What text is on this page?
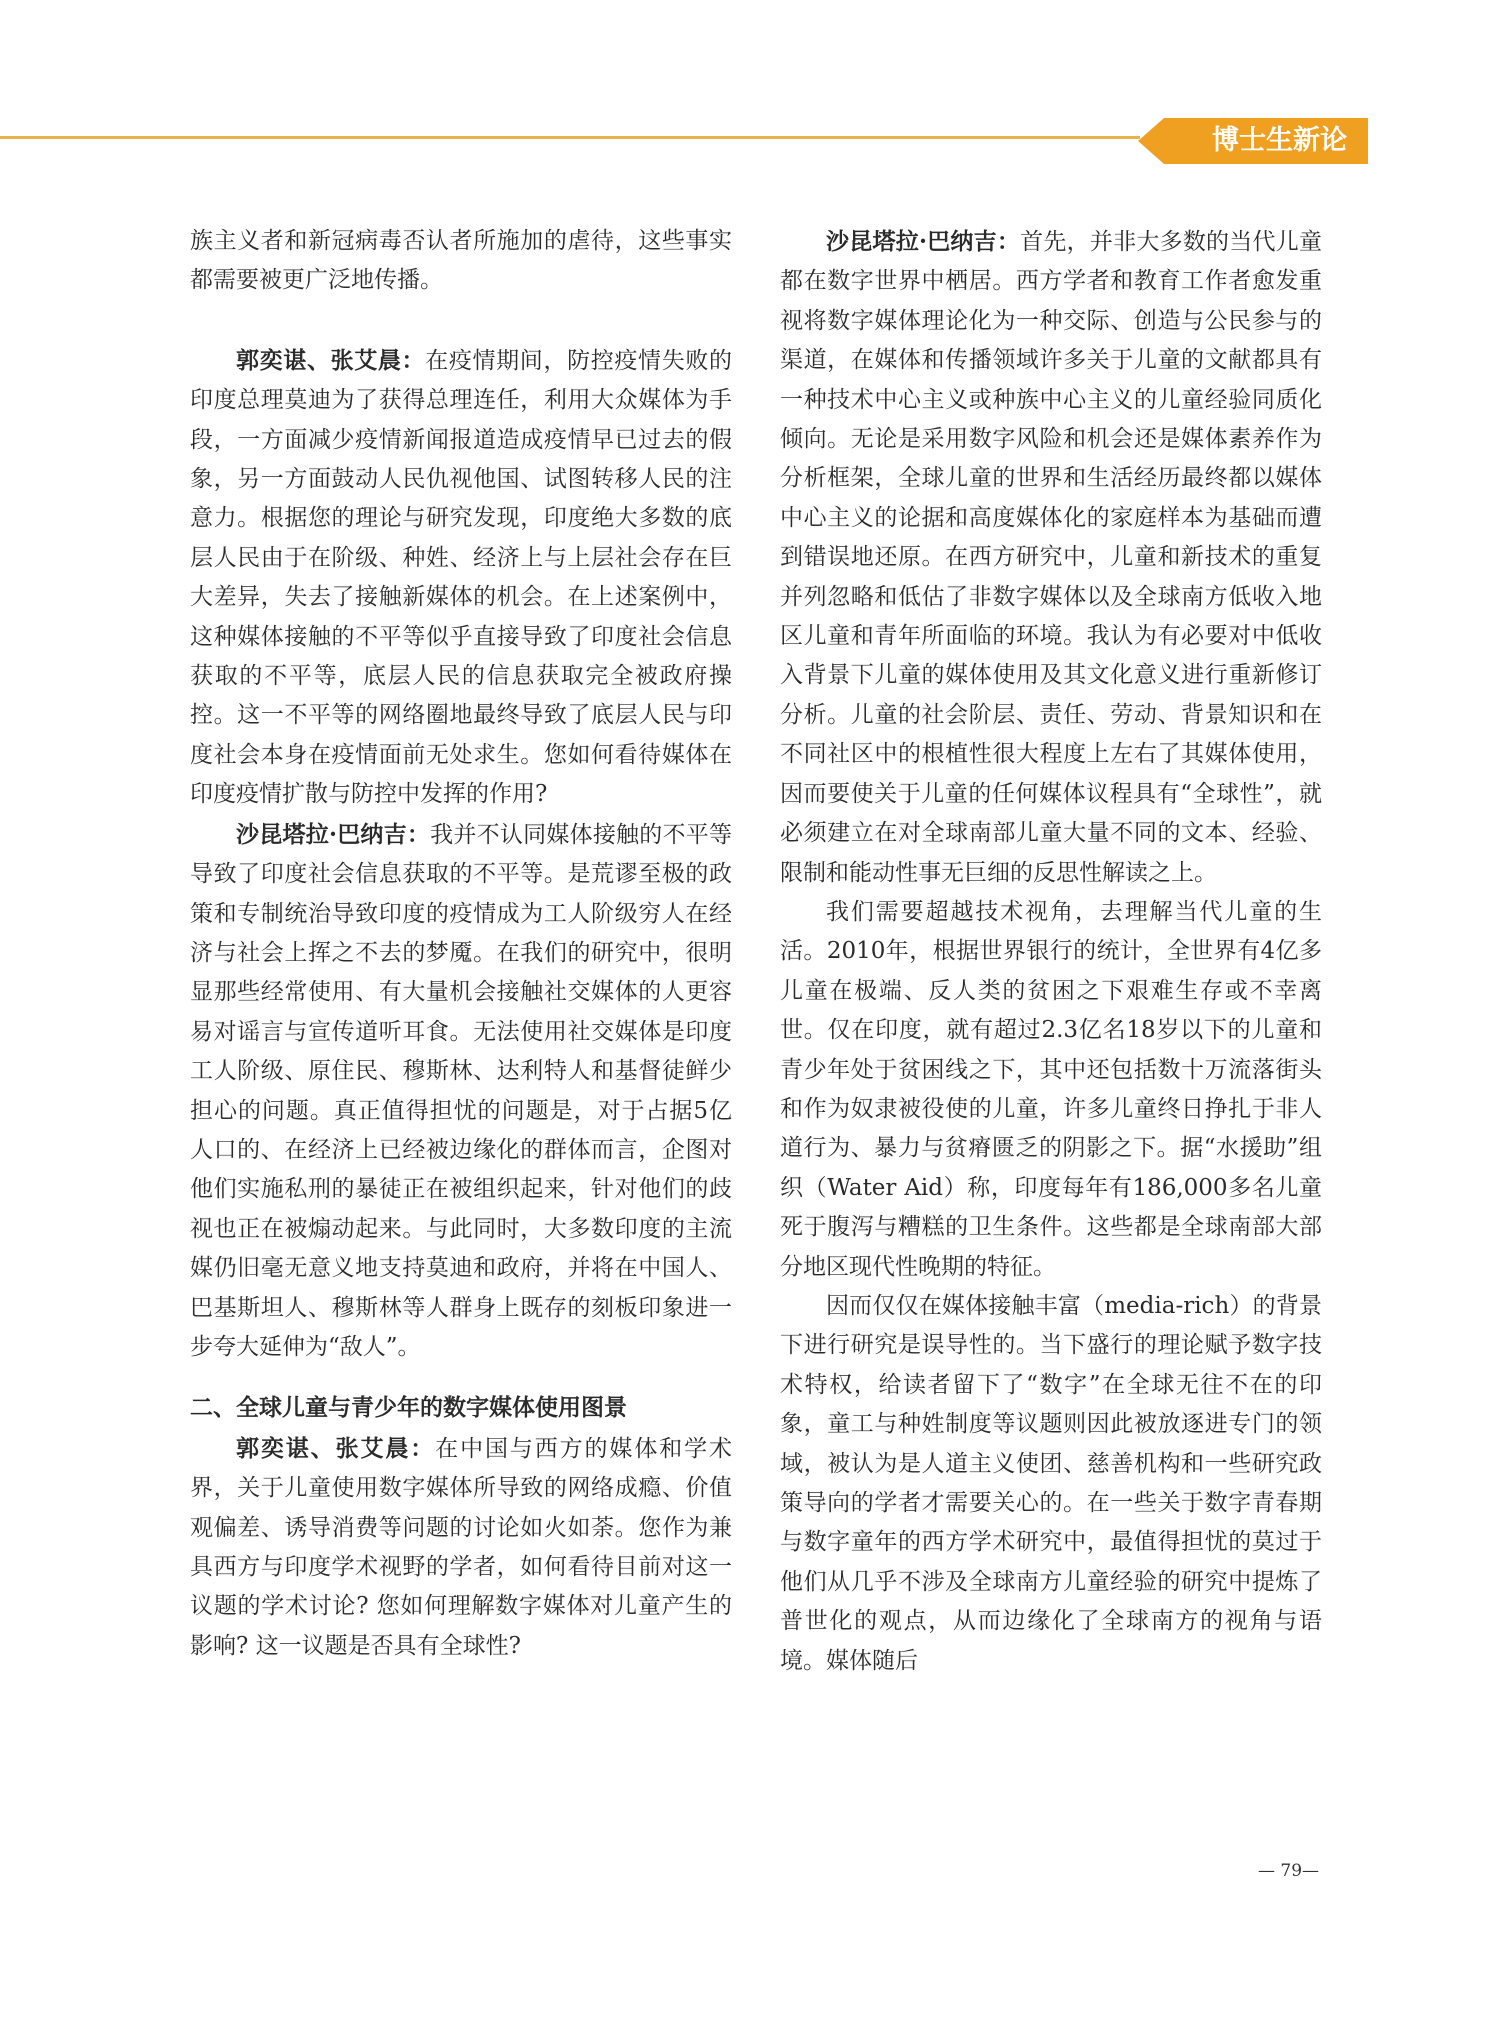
博士生新论

族主义者和新冠病毒否认者所施加的虐待，这些事实都需要被更广泛地传播。

郭奕谌、张艾晨：在疫情期间，防控疫情失败的印度总理莫迪为了获得总理连任，利用大众媒体为手段，一方面减少疫情新闻报道造成疫情早已过去的假象，另一方面鼓动人民仇视他国、试图转移人民的注意力。根据您的理论与研究发现，印度绝大多数的底层人民由于在阶级、种姓、经济上与上层社会存在巨大差异，失去了接触新媒体的机会。在上述案例中，这种媒体接触的不平等似乎直接导致了印度社会信息获取的不平等，底层人民的信息获取完全被政府操控。这一不平等的网络圈地最终导致了底层人民与印度社会本身在疫情面前无处求生。您如何看待媒体在印度疫情扩散与防控中发挥的作用?

沙昆塔拉·巴纳吉：我并不认同媒体接触的不平等导致了印度社会信息获取的不平等。是荒谬至极的政策和专制统治导致印度的疫情成为工人阶级穷人在经济与社会上挥之不去的梦魇。在我们的研究中，很明显那些经常使用、有大量机会接触社交媒体的人更容易对谣言与宣传道听耳食。无法使用社交媒体是印度工人阶级、原住民、穆斯林、达利特人和基督徒鲜少担心的问题。真正值得担忧的问题是，对于占据5亿人口的、在经济上已经被边缘化的群体而言，企图对他们实施私刑的暴徒正在被组织起来，针对他们的歧视也正在被煽动起来。与此同时，大多数印度的主流媒仍旧毫无意义地支持莫迪和政府，并将在中国人、巴基斯坦人、穆斯林等人群身上既存的刻板印象进一步夸大延伸为“敌人”。

二、全球儿童与青少年的数字媒体使用图景

郭奕谌、张艾晨：在中国与西方的媒体和学术界，关于儿童使用数字媒体所导致的网络成瘾、价值观偏差、诱导消费等问题的讨论如火如荼。您作为兼具西方与印度学术视野的学者，如何看待目前对这一议题的学术讨论? 您如何理解数字媒体对儿童产生的影响? 这一议题是否具有全球性?

沙昆塔拉·巴纳吉：首先，并非大多数的当代儿童都在数字世界中栖居。西方学者和教育工作者愈发重视将数字媒体理论化为一种交际、创造与公民参与的渠道，在媒体和传播领域许多关于儿童的文献都具有一种技术中心主义或种族中心主义的儿童经验同质化倾向。无论是采用数字风险和机会还是媒体素养作为分析框架，全球儿童的世界和生活经历最终都以媒体中心主义的论据和高度媒体化的家庭样本为基础而遭到错误地还原。在西方研究中，儿童和新技术的重复并列忽略和低估了非数字媒体以及全球南方低收入地区儿童和青年所面临的环境。我认为有必要对中低收入背景下儿童的媒体使用及其文化意义进行重新修订分析。儿童的社会阶层、责任、劳动、背景知识和在不同社区中的根植性很大程度上左右了其媒体使用，因而要使关于儿童的任何媒体议程具有“全球性”，就必须建立在对全球南部儿童大量不同的文本、经验、限制和能动性事无巨细的反思性解读之上。

我们需要超越技术视角，去理解当代儿童的生活。2010年，根据世界银行的统计，全世界有4亿多儿童在极端、反人类的贫困之下艰难生存或不幸离世。仅在印度，就有超过2.3亿名18岁以下的儿童和青少年处于贫困线之下，其中还包括数十万流落街头和作为奴隶被役使的儿童，许多儿童终日挣扎于非人道行为、暴力与贫瘠匮乏的阴影之下。据“水援助”组织（Water Aid）称，印度每年有186,000多名儿童死于腹泻与糟糕的卫生条件。这些都是全球南部大部分地区现代性晚期的特征。

因而仅仅在媒体接触丰富（media-rich）的背景下进行研究是误导性的。当下盛行的理论赋予数字技术特权，给读者留下了“数字”在全球无往不在的印象，童工与种姓制度等议题则因此被放逐进专门的领域，被认为是人道主义使团、慈善机构和一些研究政策导向的学者才需要关心的。在一些关于数字青春期与数字童年的西方学术研究中，最值得担忧的莫过于他们从几乎不涉及全球南方儿童经验的研究中提炼了普世化的观点，从而边缘化了全球南方的视角与语境。媒体随后

— 79—
